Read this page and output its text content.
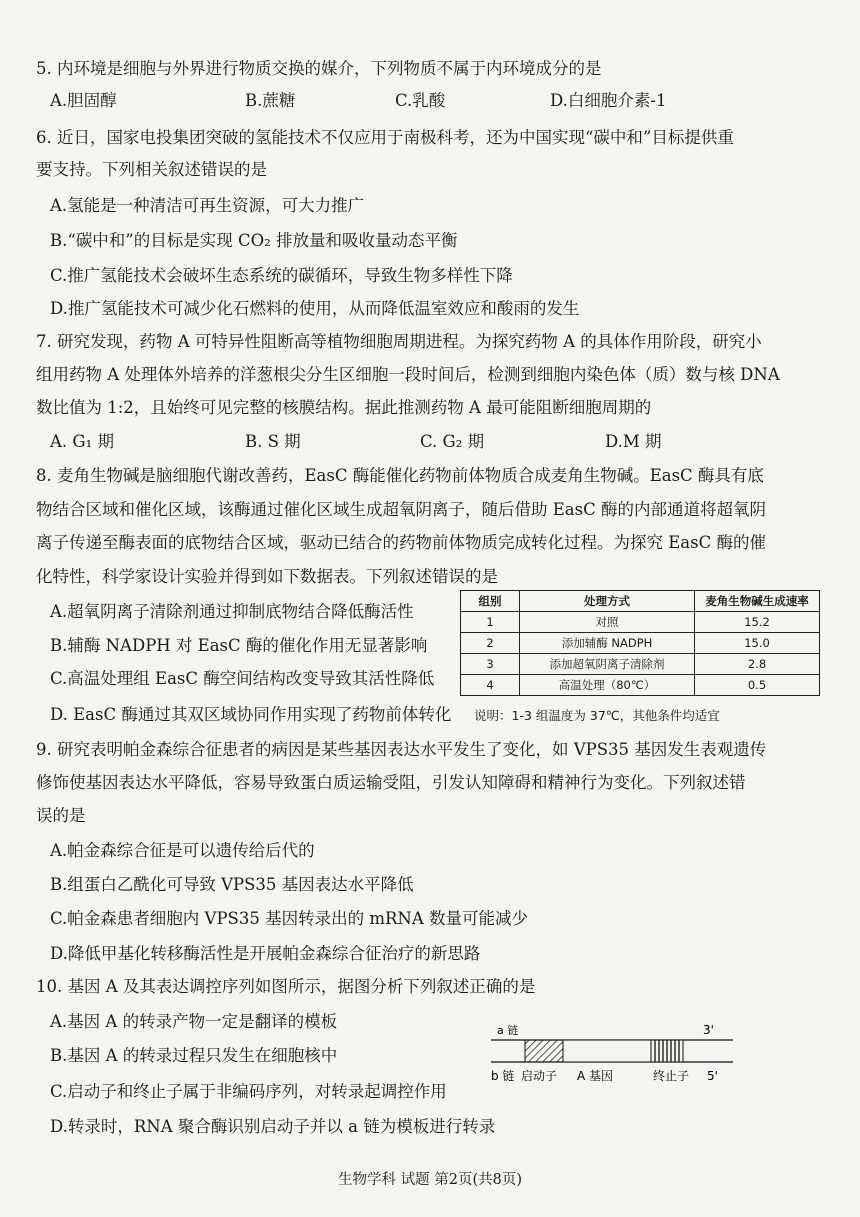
5. 内环境是细胞与外界进行物质交换的媒介，下列物质不属于内环境成分的是
A.胆固醇	B.蔗糖	C.乳酸	D.白细胞介素-1
6. 近日，国家电投集团突破的氢能技术不仅应用于南极科考，还为中国实现“碳中和”目标提供重
要支持。下列相关叙述错误的是
A.氢能是一种清洁可再生资源，可大力推广
B.“碳中和”的目标是实现 CO₂ 排放量和吸收量动态平衡
C.推广氢能技术会破坏生态系统的碳循环，导致生物多样性下降
D.推广氢能技术可减少化石燃料的使用，从而降低温室效应和酸雨的发生
7. 研究发现，药物 A 可特异性阻断高等植物细胞周期进程。为探究药物 A 的具体作用阶段，研究小
组用药物 A 处理体外培养的洋葱根尖分生区细胞一段时间后，检测到细胞内染色体（质）数与核 DNA
数比值为 1:2，且始终可见完整的核膜结构。据此推测药物 A 最可能阻断细胞周期的
A. G₁ 期	B. S 期	C. G₂ 期	D.M 期
8. 麦角生物碱是脑细胞代谢改善药，EasC 酶能催化药物前体物质合成麦角生物碱。EasC 酶具有底
物结合区域和催化区域，该酶通过催化区域生成超氧阴离子，随后借助 EasC 酶的内部通道将超氧阴
离子传递至酶表面的底物结合区域，驱动已结合的药物前体物质完成转化过程。为探究 EasC 酶的催
化特性，科学家设计实验并得到如下数据表。下列叙述错误的是
A.超氧阴离子清除剂通过抑制底物结合降低酶活性
B.辅酶 NADPH 对 EasC 酶的催化作用无显著影响
C.高温处理组 EasC 酶空间结构改变导致其活性降低
D. EasC 酶通过其双区域协同作用实现了药物前体转化
组别	处理方式	麦角生物碱生成速率
1	对照	15.2
2	添加辅酶 NADPH	15.0
3	添加超氧阴离子清除剂	2.8
4	高温处理（80℃）	0.5
说明：1-3 组温度为 37℃，其他条件均适宜
9. 研究表明帕金森综合征患者的病因是某些基因表达水平发生了变化，如 VPS35 基因发生表观遗传
修饰使基因表达水平降低，容易导致蛋白质运输受阻，引发认知障碍和精神行为变化。下列叙述错
误的是
A.帕金森综合征是可以遗传给后代的
B.组蛋白乙酰化可导致 VPS35 基因表达水平降低
C.帕金森患者细胞内 VPS35 基因转录出的 mRNA 数量可能减少
D.降低甲基化转移酶活性是开展帕金森综合征治疗的新思路
10. 基因 A 及其表达调控序列如图所示，据图分析下列叙述正确的是
A.基因 A 的转录产物一定是翻译的模板
B.基因 A 的转录过程只发生在细胞核中
C.启动子和终止子属于非编码序列，对转录起调控作用
D.转录时，RNA 聚合酶识别启动子并以 a 链为模板进行转录
a 链	3'
b 链 启动子 A 基因	终止子 5'
生物学科 试题 第2页(共8页)
